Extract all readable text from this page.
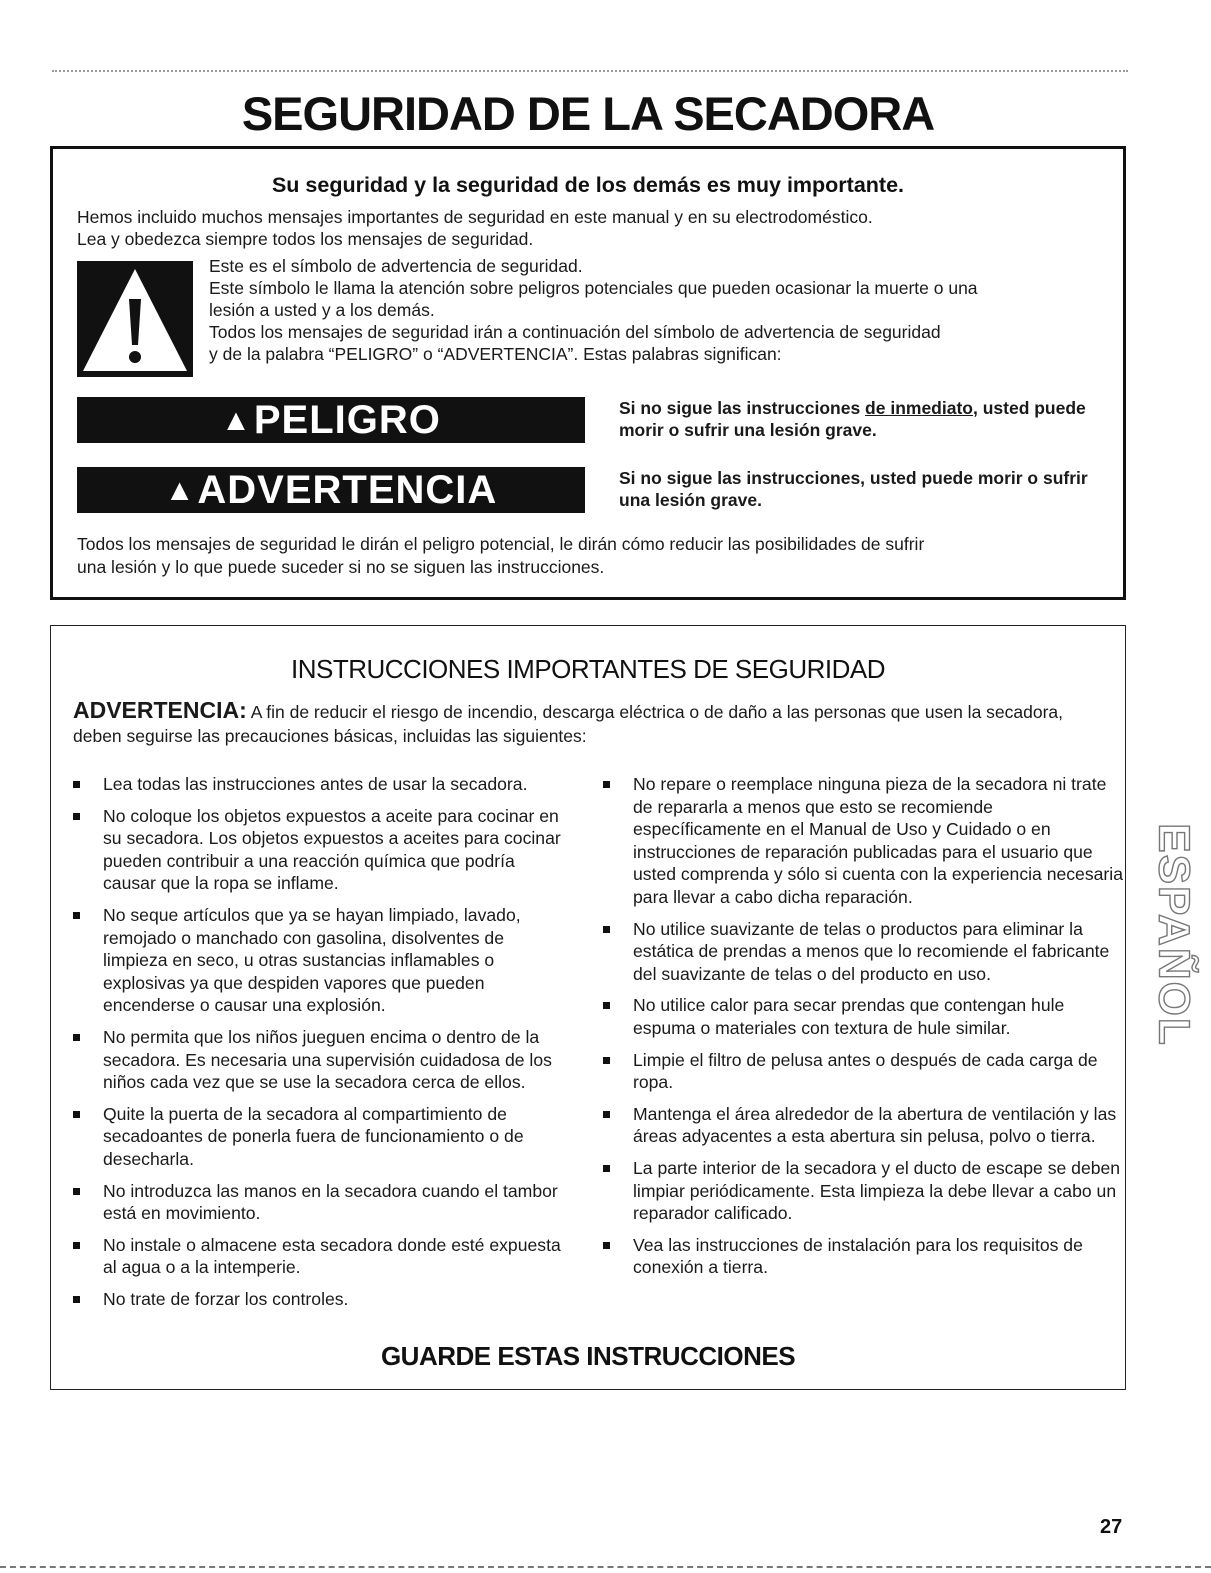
SEGURIDAD DE LA SECADORA
Su seguridad y la seguridad de los demás es muy importante.

Hemos incluido muchos mensajes importantes de seguridad en este manual y en su electrodoméstico.

Lea y obedezca siempre todos los mensajes de seguridad.

Este es el símbolo de advertencia de seguridad.

Este símbolo le llama la atención sobre peligros potenciales que pueden ocasionar la muerte o una

lesión a usted y a los demás.

Todos los mensajes de seguridad irán a continuación del símbolo de advertencia de seguridad

y de la palabra “PELIGRO” o “ADVERTENCIA”. Estas palabras significan:

▲PELIGRO	Si no sigue las instrucciones de inmediato, usted puede morir o sufrir una lesión grave.
▲ADVERTENCIA	Si no sigue las instrucciones, usted puede morir o sufrir una lesión grave.

Todos los mensajes de seguridad le dirán el peligro potencial, le dirán cómo reducir las posibilidades de sufrir

una lesión y lo que puede suceder si no se siguen las instrucciones.

INSTRUCCIONES IMPORTANTES DE SEGURIDAD
ADVERTENCIA: A fin de reducir el riesgo de incendio, descarga eléctrica o de daño a las personas que usen la secadora, deben seguirse las precauciones básicas, incluidas las siguientes:
Lea todas las instrucciones antes de usar la secadora.
No coloque los objetos expuestos a aceite para cocinar en su secadora. Los objetos expuestos a aceites para cocinar pueden contribuir a una reacción química que podría causar que la ropa se inflame.
No seque artículos que ya se hayan limpiado, lavado, remojado o manchado con gasolina, disolventes de limpieza en seco, u otras sustancias inflamables o explosivas ya que despiden vapores que pueden encenderse o causar una explosión.
No permita que los niños jueguen encima o dentro de la secadora. Es necesaria una supervisión cuidadosa de los niños cada vez que se use la secadora cerca de ellos.
Quite la puerta de la secadora al compartimiento de secadoantes de ponerla fuera de funcionamiento o de desecharla.
No introduzca las manos en la secadora cuando el tambor está en movimiento.
No instale o almacene esta secadora donde esté expuesta al agua o a la intemperie.
No trate de forzar los controles.
No repare o reemplace ninguna pieza de la secadora ni trate de repararla a menos que esto se recomiende específicamente en el Manual de Uso y Cuidado o en instrucciones de reparación publicadas para el usuario que usted comprenda y sólo si cuenta con la experiencia necesaria para llevar a cabo dicha reparación.
No utilice suavizante de telas o productos para eliminar la estática de prendas a menos que lo recomiende el fabricante del suavizante de telas o del producto en uso.
No utilice calor para secar prendas que contengan hule espuma o materiales con textura de hule similar.
Limpie el filtro de pelusa antes o después de cada carga de ropa.
Mantenga el área alrededor de la abertura de ventilación y las áreas adyacentes a esta abertura sin pelusa, polvo o tierra.
La parte interior de la secadora y el ducto de escape se deben limpiar periódicamente. Esta limpieza la debe llevar a cabo un reparador calificado.
Vea las instrucciones de instalación para los requisitos de conexión a tierra.
GUARDE ESTAS INSTRUCCIONES
ESPAÑOL
27
